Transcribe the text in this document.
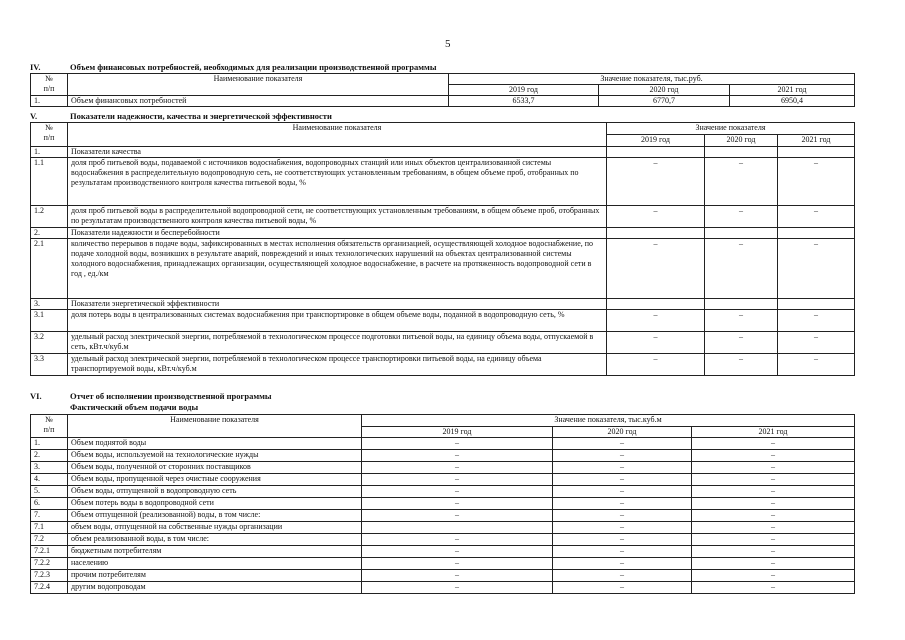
5
IV.	Объем финансовых потребностей, необходимых для реализации производственной программы
№
п/п	Наименование показателя	Значение показателя, тыс.руб.		
		2019 год	2020 год	2021 год
1.	Объем финансовых потребностей	6533,7	6770,7	6950,4
V.	Показатели надежности, качества и энергетической эффективности
№
п/п	Наименование показателя	Значение показателя		
		2019 год	2020 год	2021 год
1.	Показатели качества			
1.1	доля проб питьевой воды, подаваемой с источников водоснабжения, водопроводных станций или иных объектов централизованной системы водоснабжения в распределительную водопроводную сеть, не соответствующих установленным требованиям, в общем объеме проб, отобранных по результатам производственного контроля качества питьевой воды, %	–	–	–
1.2	доля проб питьевой воды в распределительной водопроводной сети, не соответствующих установленным требованиям, в общем объеме проб, отобранных по результатам производственного контроля качества питьевой воды, %	–	–	–
2.	Показатели надежности и бесперебойности			
2.1	количество перерывов в подаче воды, зафиксированных в местах исполнения обязательств организацией, осуществляющей холодное водоснабжение, по подаче холодной воды, возникших в результате аварий, повреждений и иных технологических нарушений на объектах централизованной системы холодного водоснабжения, принадлежащих организации, осуществляющей холодное водоснабжение, в расчете на протяженность водопроводной сети в год , ед./км	–	–	–
3.	Показатели энергетической эффективности			
3.1	доля потерь воды в централизованных системах водоснабжения при транспортировке в общем объеме воды, поданной в водопроводную сеть, %	–	–	–
3.2	удельный расход электрической энергии, потребляемой в технологическом процессе подготовки питьевой воды, на единицу объема воды, отпускаемой в сеть, кВт.ч/куб.м	–	–	–
3.3	удельный расход электрической энергии, потребляемой в технологическом процессе транспортировки питьевой воды, на единицу объема транспортируемой воды, кВт.ч/куб.м	–	–	–
VI.	Отчет об исполнении производственной программы
Фактический объем подачи воды
№
п/п	Наименование показателя	Значение показателя, тыс.куб.м		
		2019 год	2020 год	2021 год
1.	Объем поднятой воды	–	–	–
2.	Объем воды, используемой на технологические нужды	–	–	–
3.	Объем воды, полученной от сторонних поставщиков	–	–	–
4.	Объем воды, пропущенной через очистные сооружения	–	–	–
5.	Объем воды, отпущенной в водопроводную сеть	–	–	–
6.	Объем потерь воды в водопроводной сети	–	–	–
7.	Объем отпущенной (реализованной) воды, в том числе:	–	–	–
7.1	объем воды, отпущенной на собственные нужды организации		–	–
7.2	объем реализованной воды, в том числе:	–	–	–
7.2.1	бюджетным потребителям	–	–	–
7.2.2	населению	–	–	–
7.2.3	прочим потребителям	–	–	–
7.2.4	другим водопроводам	–	–	–
